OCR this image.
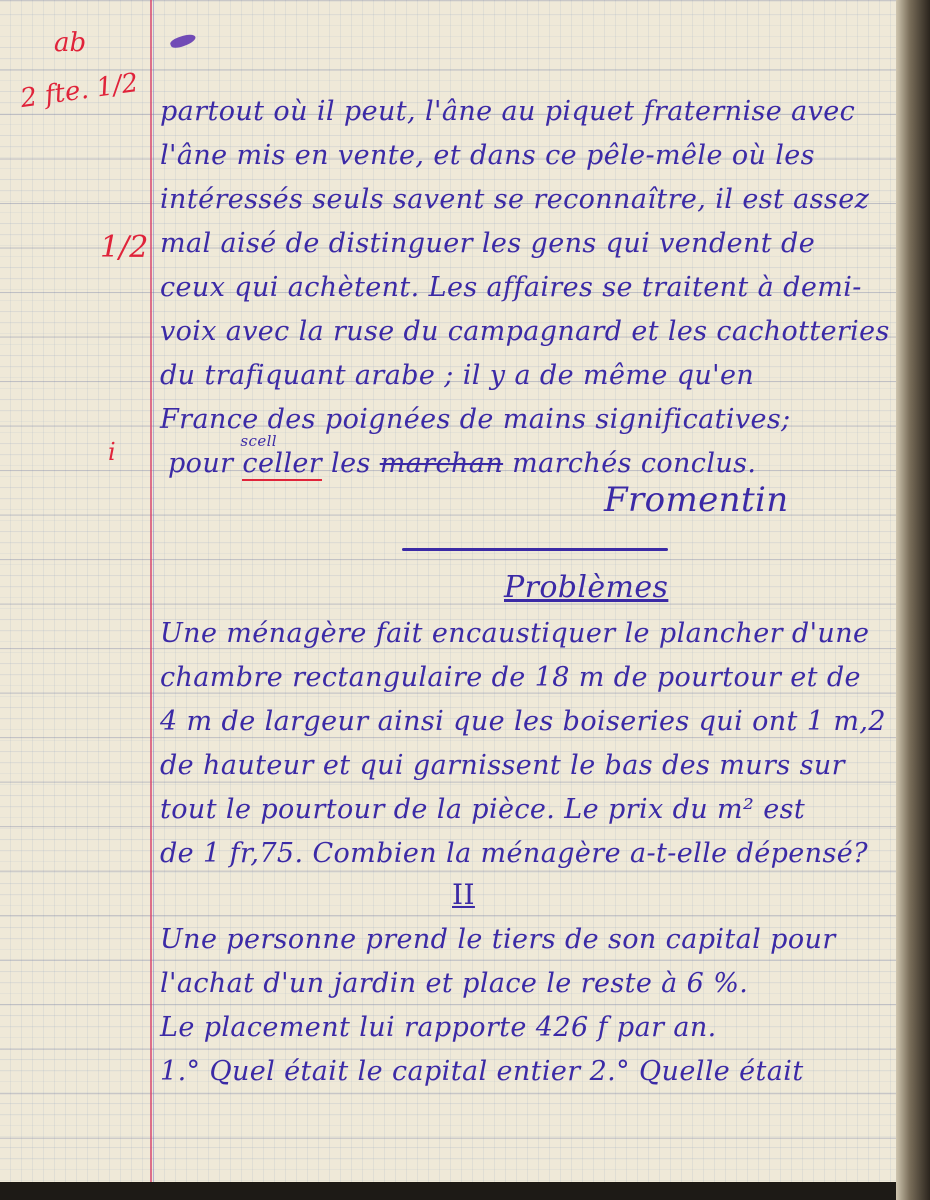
ab
2 fte. 1/2
1/2
i
partout où il peut, l'âne au piquet fraternise avec
l'âne mis en vente, et dans ce pêle-mêle où les
intéressés seuls savent se reconnaître, il est assez
mal aisé de distinguer les gens qui vendent de
ceux qui achètent. Les affaires se traitent à demi-
voix avec la ruse du campagnard et les cachotteries
du trafiquant arabe ; il y a de même qu'en
France des poignées de mains significatives;
pour
scell
celler les marchan marchés conclus.
Fromentin
Problèmes
Une ménagère fait encaustiquer le plancher d'une
chambre rectangulaire de 18 m de pourtour et de
4 m de largeur ainsi que les boiseries qui ont 1 m,2
de hauteur et qui garnissent le bas des murs sur
tout le pourtour de la pièce. Le prix du m² est
de 1 fr,75. Combien la ménagère a-t-elle dépensé?
II
Une personne prend le tiers de son capital pour
l'achat d'un jardin et place le reste à 6 %.
Le placement lui rapporte 426 f par an.
1.° Quel était le capital entier 2.° Quelle était
